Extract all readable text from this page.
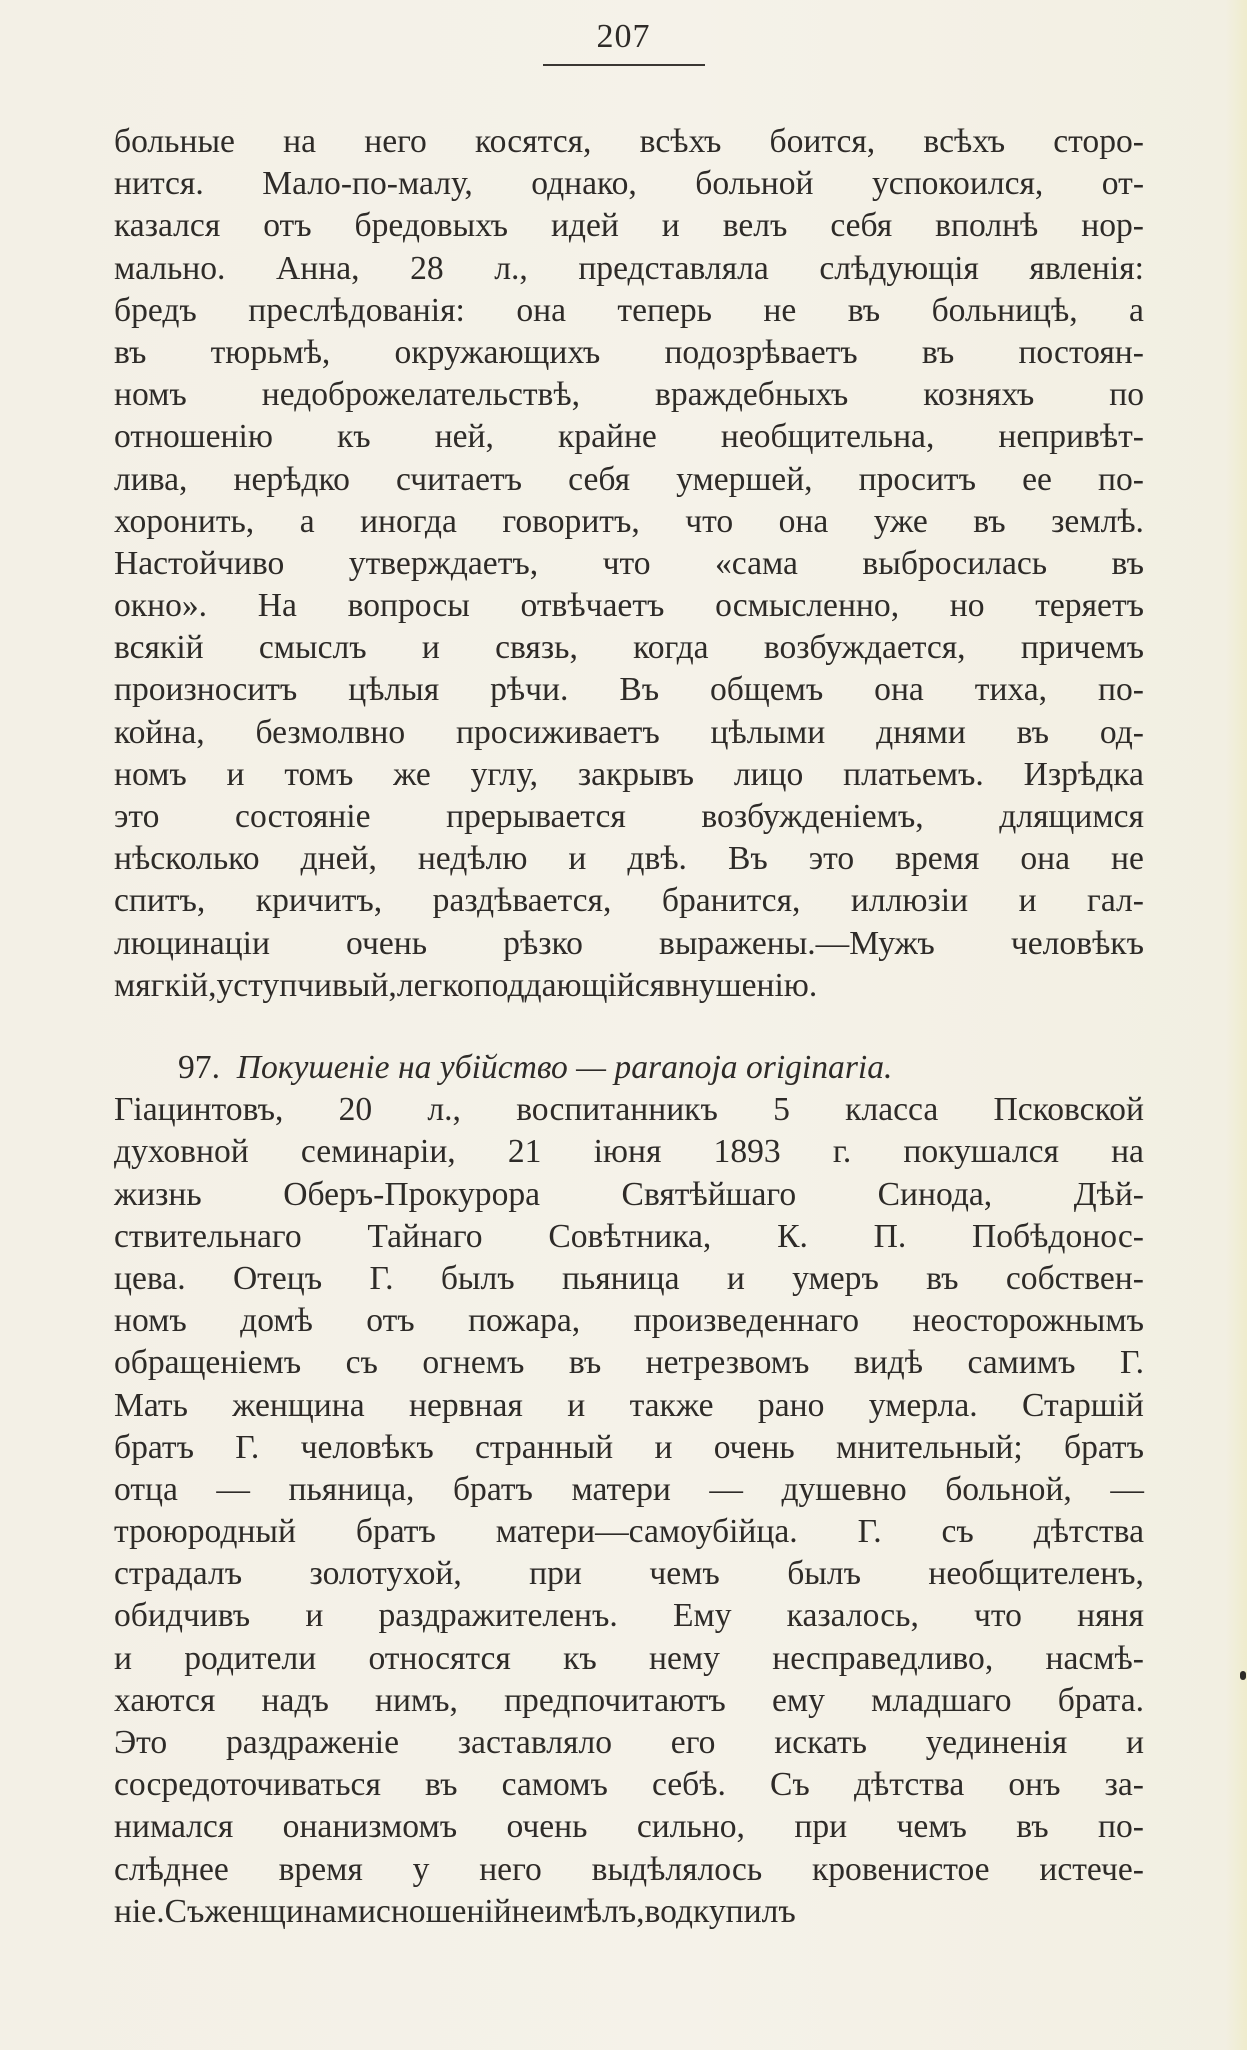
207
больные на него косятся, всѣхъ боится, всѣхъ сторо-
нится. Мало-по-малу, однако, больной успокоился, от-
казался отъ бредовыхъ идей и велъ себя вполнѣ нор-
мально. Анна, 28 л., представляла слѣдующія явленія:
бредъ преслѣдованія: она теперь не въ больницѣ, а
въ тюрьмѣ, окружающихъ подозрѣваетъ въ постоян-
номъ недоброжелательствѣ, враждебныхъ козняхъ по
отношенiю къ ней, крайне необщительна, непривѣт-
лива, нерѣдко считаетъ себя умершей, проситъ ее по-
хоронить, а иногда говоритъ, что она уже въ землѣ.
Настойчиво утверждаетъ, что «сама выбросилась въ
окно». На вопросы отвѣчаетъ осмысленно, но теряетъ
всякiй смыслъ и связь, когда возбуждается, причемъ
произноситъ цѣлыя рѣчи. Въ общемъ она тиха, по-
койна, безмолвно просиживаетъ цѣлыми днями въ од-
номъ и томъ же углу, закрывъ лицо платьемъ. Изрѣдка
это состоянiе прерывается возбужденiемъ, длящимся
нѣсколько дней, недѣлю и двѣ. Въ это время она не
спитъ, кричитъ, раздѣвается, бранится, иллюзiи и гал-
люцинацiи очень рѣзко выражены.—Мужъ человѣкъ
мягкiй, уступчивый, легко поддающiйся внушенiю.
97.
Покушенiе на убiйство — paranoja originaria.
Гiацинтовъ, 20 л., воспитанникъ 5 класса Псковской
духовной семинарiи, 21 iюня 1893 г. покушался на
жизнь Оберъ-Прокурора Святѣйшаго Синода, Дѣй-
ствительнаго Тайнаго Совѣтника, К. П. Побѣдонос-
цева. Отецъ Г. былъ пьяница и умеръ въ собствен-
номъ домѣ отъ пожара, произведеннаго неосторожнымъ
обращенiемъ съ огнемъ въ нетрезвомъ видѣ самимъ Г.
Мать женщина нервная и также рано умерла. Старшiй
братъ Г. человѣкъ странный и очень мнительный; братъ
отца — пьяница, братъ матери — душевно больной, —
троюродный братъ матери—самоубiйца. Г. съ дѣтства
страдалъ золотухой, при чемъ былъ необщителенъ,
обидчивъ и раздражителенъ. Ему казалось, что няня
и родители относятся къ нему несправедливо, насмѣ-
хаются надъ нимъ, предпочитаютъ ему младшаго брата.
Это раздраженiе заставляло его искать уединенiя и
сосредоточиваться въ самомъ себѣ. Съ дѣтства онъ за-
нимался онанизмомъ очень сильно, при чемъ въ по-
слѣднее время у него выдѣлялось кровенистое истече-
нiе. Съ женщинами сношенiй не имѣлъ, водку пилъ
